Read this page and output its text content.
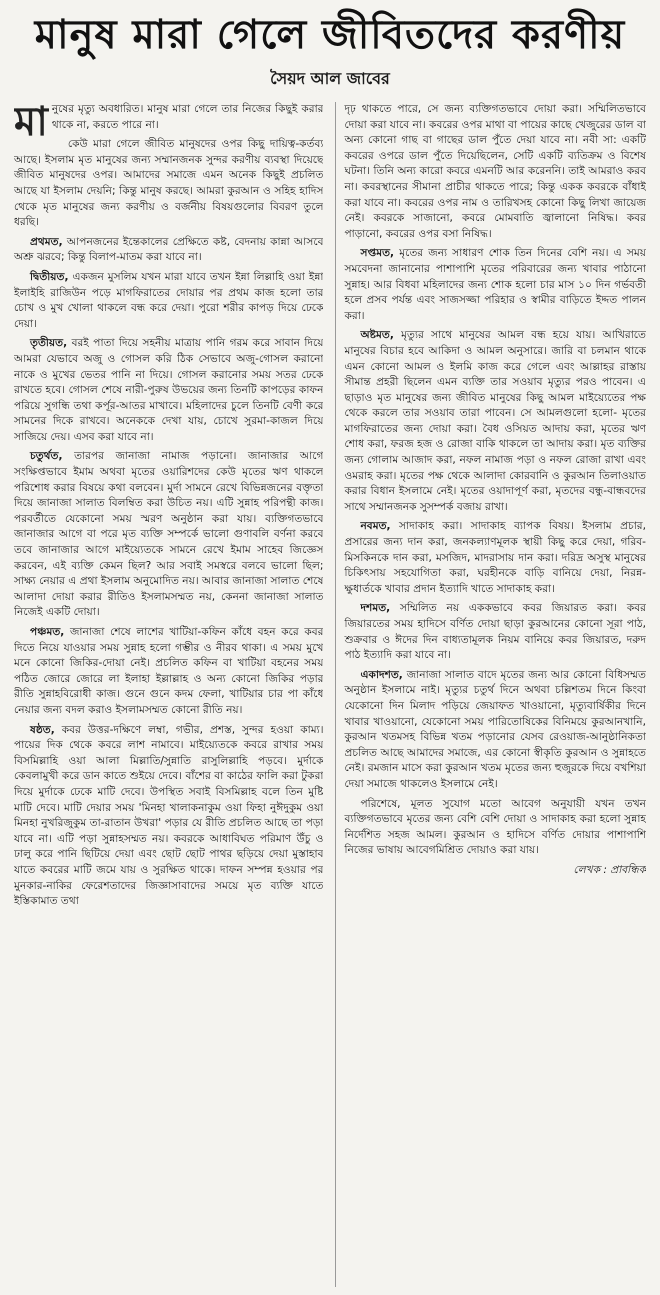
মানুষ মারা গেলে জীবিতদের করণীয়
সৈয়দ আল জাবের

মানুষের মৃত্যু অবধারিত। মানুষ মারা গেলে তার নিজের কিছুই করার থাকে না, করতে পারে না।

কেউ মারা গেলে জীবিত মানুষদের ওপর কিছু দায়িত্ব-কর্তব্য আছে। ইসলাম মৃত মানুষের জন্য সম্মানজনক সুন্দর করণীয় ব্যবস্থা দিয়েছে জীবিত মানুষদের ওপর। আমাদের সমাজে এমন অনেক কিছুই প্রচলিত আছে যা ইসলাম দেয়নি; কিন্তু মানুষ করছে। আমরা কুরআন ও সহিহ হাদিস থেকে মৃত মানুষের জন্য করণীয় ও বর্জনীয় বিষয়গুলোর বিবরণ তুলে ধরছি।

প্রথমত, আপনজনের ইন্তেকালের প্রেক্ষিতে কষ্ট, বেদনায় কান্না আসবে অশ্রু ঝরবে; কিন্তু বিলাপ-মাতম করা যাবে না।

দ্বিতীয়ত, একজন মুসলিম যখন মারা যাবে তখন ইন্না লিল্লাহি ওয়া ইন্না ইলাইহি রাজিউন পড়ে মাগফিরাতের দোয়ার পর প্রথম কাজ হলো তার চোখ ও মুখ খোলা থাকলে বন্ধ করে দেয়া। পুরো শরীর কাপড় দিয়ে ঢেকে দেয়া।

তৃতীয়ত, বরই পাতা দিয়ে সহনীয় মাত্রায় পানি গরম করে সাবান দিয়ে আমরা যেভাবে অজু ও গোসল করি ঠিক সেভাবে অজু-গোসল করানো নাকে ও মুখের ভেতর পানি না দিয়ে। গোসল করানোর সময় সতর ঢেকে রাখতে হবে। গোসল শেষে নারী-পুরুষ উভয়ের জন্য তিনটি কাপড়ের কাফন পরিয়ে সুগন্ধি তথা কর্পূর-আতর মাখাবে। মহিলাদের চুলে তিনটি বেণী করে সামনের দিকে রাখবে। অনেককে দেখা যায়, চোখে সুরমা-কাজল দিয়ে সাজিয়ে দেয়। এসব করা যাবে না।

চতুর্থত, তারপর জানাজা নামাজ পড়ানো। জানাজার আগে সংক্ষিপ্তভাবে ইমাম অথবা মৃতের ওয়ারিশদের কেউ মৃতের ঋণ থাকলে পরিশোধ করার বিষয়ে কথা বলবেন। মুর্দা সামনে রেখে বিভিন্নজনের বক্তৃতা দিয়ে জানাজা সালাত বিলম্বিত করা উচিত নয়। এটি সুন্নাহ পরিপন্থী কাজ। পরবর্তীতে যেকোনো সময় স্মরণ অনুষ্ঠান করা যায়। ব্যক্তিগতভাবে জানাজার আগে বা পরে মৃত ব্যক্তি সম্পর্কে ভালো গুণাবলি বর্ণনা করবে তবে জানাজার আগে মাইয়্যেতকে সামনে রেখে ইমাম সাহেব জিজ্ঞেস করবেন, এই ব্যক্তি কেমন ছিল? আর সবাই সমস্বরে বলবে ভালো ছিল; সাক্ষ্য নেয়ার এ প্রথা ইসলাম অনুমোদিত নয়। আবার জানাজা সালাত শেষে আলাদা দোয়া করার রীতিও ইসলামসম্মত নয়, কেননা জানাজা সালাত নিজেই একটি দোয়া।

পঞ্চমত, জানাজা শেষে লাশের খাটিয়া-কফিন কাঁধে বহন করে কবর দিতে নিয়ে যাওয়ার সময় সুন্নাহ হলো গম্ভীর ও নীরব থাকা। এ সময় মুখে মনে কোনো জিকির-দোয়া নেই। প্রচলিত কফিন বা খাটিয়া বহনের সময় পঠিত জোরে জোরে লা ইলাহা ইল্লাল্লাহ ও অন্য কোনো জিকির পড়ার রীতি সুন্নাহবিরোধী কাজ। গুনে গুনে কদম ফেলা, খাটিয়ার চার পা কাঁধে নেয়ার জন্য বদল করাও ইসলামসম্মত কোনো রীতি নয়।

ষষ্ঠত, কবর উত্তর-দক্ষিণে লম্বা, গভীর, প্রশস্ত, সুন্দর হওয়া কাম্য। পায়ের দিক থেকে কবরে লাশ নামাবে। মাইয়্যেতকে কবরে রাখার সময় বিসমিল্লাহি ওয়া আলা মিল্লাতি/সুন্নাতি রাসুলিল্লাহি পড়বে। মুর্দাকে কেবলামুখী করে ডান কাতে শুইয়ে দেবে। বাঁশের বা কাঠের ফালি করা টুকরা দিয়ে মুর্দাকে ঢেকে মাটি দেবে। উপস্থিত সবাই বিসমিল্লাহ বলে তিন মুষ্টি মাটি দেবে। মাটি দেয়ার সময় 'মিনহা খালাকনাকুম ওয়া ফিহা নুঈদুকুম ওয়া মিনহা নুখরিজুকুম তা-রাতান উখরা' পড়ার যে রীতি প্রচলিত আছে তা পড়া যাবে না। এটি পড়া সুন্নাহসম্মত নয়। কবরকে আধাবিঘত পরিমাণ উঁচু ও ঢালু করে পানি ছিটিয়ে দেয়া এবং ছোট ছোট পাথর ছড়িয়ে দেয়া মুস্তাহাব যাতে কবরের মাটি জমে যায় ও সুরক্ষিত থাকে। দাফন সম্পন্ন হওয়ার পর মুনকার-নাকির ফেরেশতাদের জিজ্ঞাসাবাদের সময়ে মৃত ব্যক্তি যাতে ইস্তিকামাত তথা

দৃঢ় থাকতে পারে, সে জন্য ব্যক্তিগতভাবে দোয়া করা। সম্মিলিতভাবে দোয়া করা যাবে না। কবরের ওপর মাথা বা পায়ের কাছে খেজুরের ডাল বা অন্য কোনো গাছ বা গাছের ডাল পুঁতে দেয়া যাবে না। নবী সা: একটি কবরের ওপরে ডাল পুঁতে দিয়েছিলেন, সেটি একটি ব্যতিক্রম ও বিশেষ ঘটনা। তিনি অন্য কারো কবরে এমনটি আর করেননি। তাই আমরাও করব না। কবরস্থানের সীমানা প্রাচীর থাকতে পারে; কিন্তু একক কবরকে বাঁধাই করা যাবে না। কবরের ওপর নাম ও তারিখসহ কোনো কিছু লিখা জায়েজ নেই। কবরকে সাজানো, কবরে মোমবাতি জ্বালানো নিষিদ্ধ। কবর পাড়ানো, কবরের ওপর বসা নিষিদ্ধ।

সপ্তমত, মৃতের জন্য সাধারণ শোক তিন দিনের বেশি নয়। এ সময় সমবেদনা জানানোর পাশাপাশি মৃতের পরিবারের জন্য খাবার পাঠানো সুন্নাহ। আর বিধবা মহিলাদের জন্য শোক হলো চার মাস ১০ দিন গর্ভবতী হলে প্রসব পর্যন্ত এবং সাজসজ্জা পরিহার ও স্বামীর বাড়িতে ইদ্দত পালন করা।

অষ্টমত, মৃত্যুর সাথে মানুষের আমল বন্ধ হয়ে যায়। আখিরাতে মানুষের বিচার হবে আকিদা ও আমল অনুসারে। জারি বা চলমান থাকে এমন কোনো আমল ও ইলমি কাজ করে গেলে এবং আল্লাহর রাস্তায় সীমান্ত প্রহরী ছিলেন এমন ব্যক্তি তার সওয়াব মৃত্যুর পরও পাবেন। এ ছাড়াও মৃত মানুষের জন্য জীবিত মানুষের কিছু আমল মাইয়্যেতের পক্ষ থেকে করলে তার সওয়াব তারা পাবেন। সে আমলগুলো হলো- মৃতের মাগফিরাতের জন্য দোয়া করা। বৈধ ওসিয়ত আদায় করা, মৃতের ঋণ শোধ করা, ফরজ হজ ও রোজা বাকি থাকলে তা আদায় করা। মৃত ব্যক্তির জন্য গোলাম আজাদ করা, নফল নামাজ পড়া ও নফল রোজা রাখা এবং ওমরাহ করা। মৃতের পক্ষ থেকে আলাদা কোরবানি ও কুরআন তিলাওয়াত করার বিধান ইসলামে নেই। মৃতের ওয়াদাপূর্ণ করা, মৃতদের বন্ধু-বান্ধবদের সাথে সম্মানজনক সুসম্পর্ক বজায় রাখা।

নবমত, সাদাকাহ করা। সাদাকাহ ব্যাপক বিষয়। ইসলাম প্রচার, প্রসারের জন্য দান করা, জনকল্যাণমূলক স্থায়ী কিছু করে দেয়া, গরিব-মিসকিনকে দান করা, মসজিদ, মাদরাসায় দান করা। দরিদ্র অসুস্থ মানুষের চিকিৎসায় সহযোগিতা করা, ঘরহীনকে বাড়ি বানিয়ে দেয়া, নিরন্ন-ক্ষুধার্তকে খাবার প্রদান ইত্যাদি খাতে সাদাকাহ করা।

দশমত, সম্মিলিত নয় এককভাবে কবর জিয়ারত করা। কবর জিয়ারতের সময় হাদিসে বর্ণিত দোয়া ছাড়া কুরআনের কোনো সূরা পাঠ, শুক্রবার ও ঈদের দিন বাধ্যতামূলক নিয়ম বানিয়ে কবর জিয়ারত, দরুদ পাঠ ইত্যাদি করা যাবে না।

একাদশত, জানাজা সালাত বাদে মৃতের জন্য আর কোনো বিধিসম্মত অনুষ্ঠান ইসলামে নাই। মৃত্যুর চতুর্থ দিনে অথবা চল্লিশতম দিনে কিংবা যেকোনো দিন মিলাদ পড়িয়ে জেয়াফত খাওয়ানো, মৃত্যুবার্ষিকীর দিনে খাবার খাওয়ানো, যেকোনো সময় পারিতোষিকের বিনিময়ে কুরআনখানি, কুরআন খতমসহ বিভিন্ন খতম পড়ানোর যেসব রেওয়াজ-আনুষ্ঠানিকতা প্রচলিত আছে আমাদের সমাজে, এর কোনো স্বীকৃতি কুরআন ও সুন্নাহতে নেই। রমজান মাসে করা কুরআন খতম মৃতের জন্য হুজুরকে দিয়ে বখশিয়া দেয়া সমাজে থাকলেও ইসলামে নেই।

পরিশেষে, মূলত সুযোগ মতো আবেগ অনুযায়ী যখন তখন ব্যক্তিগতভাবে মৃতের জন্য বেশি বেশি দোয়া ও সাদাকাহ করা হলো সুন্নাহ নির্দেশিত সহজ আমল। কুরআন ও হাদিসে বর্ণিত দোয়ার পাশাপাশি নিজের ভাষায় আবেগমিশ্রিত দোয়াও করা যায়।

লেখক : প্রাবন্ধিক
